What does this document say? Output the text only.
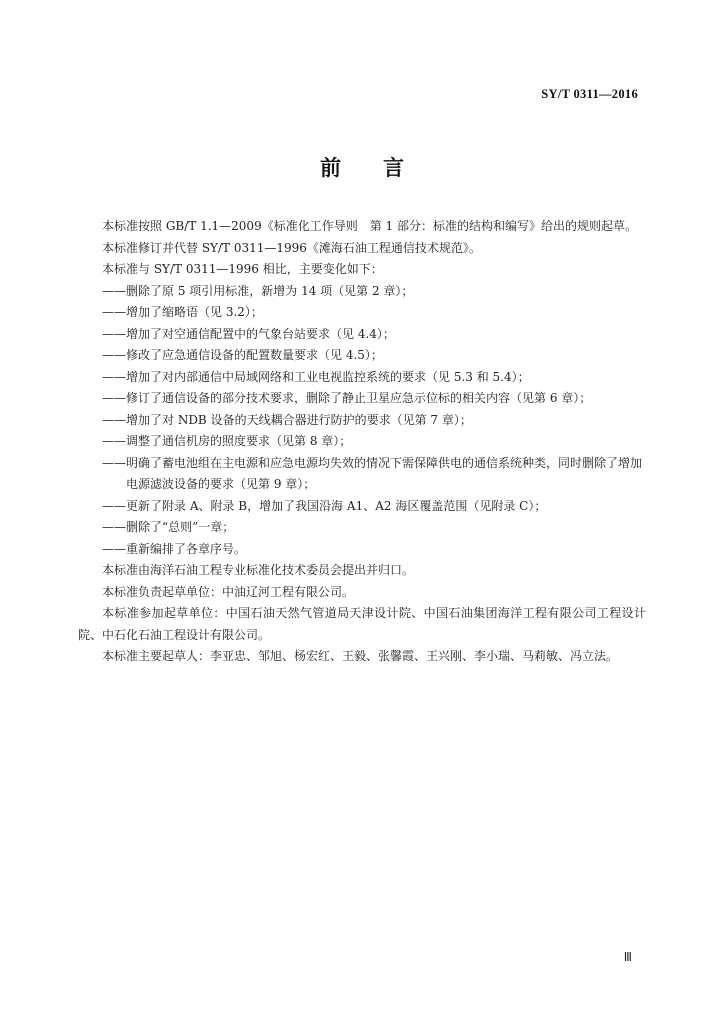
SY/T 0311—2016
前 言

本标准按照 GB/T 1.1—2009《标准化工作导则　第 1 部分：标准的结构和编写》给出的规则起草。

本标准修订并代替 SY/T 0311—1996《滩海石油工程通信技术规范》。

本标准与 SY/T 0311—1996 相比，主要变化如下：

——删除了原 5 项引用标准，新增为 14 项（见第 2 章）；

——增加了缩略语（见 3.2）；

——增加了对空通信配置中的气象台站要求（见 4.4）；

——修改了应急通信设备的配置数量要求（见 4.5）；

——增加了对内部通信中局域网络和工业电视监控系统的要求（见 5.3 和 5.4）；

——修订了通信设备的部分技术要求，删除了静止卫星应急示位标的相关内容（见第 6 章）；

——增加了对 NDB 设备的天线耦合器进行防护的要求（见第 7 章）；

——调整了通信机房的照度要求（见第 8 章）；

——明确了蓄电池组在主电源和应急电源均失效的情况下需保障供电的通信系统种类，同时删除了增加电源滤波设备的要求（见第 9 章）；

——更新了附录 A、附录 B，增加了我国沿海 A1、A2 海区覆盖范围（见附录 C）；

——删除了“总则”一章；

——重新编排了各章序号。

本标准由海洋石油工程专业标准化技术委员会提出并归口。

本标准负责起草单位：中油辽河工程有限公司。

本标准参加起草单位：中国石油天然气管道局天津设计院、中国石油集团海洋工程有限公司工程设计院、中石化石油工程设计有限公司。

本标准主要起草人：李亚忠、邹旭、杨宏红、王毅、张馨霞、王兴刚、李小瑞、马莉敏、冯立法。

Ⅲ
